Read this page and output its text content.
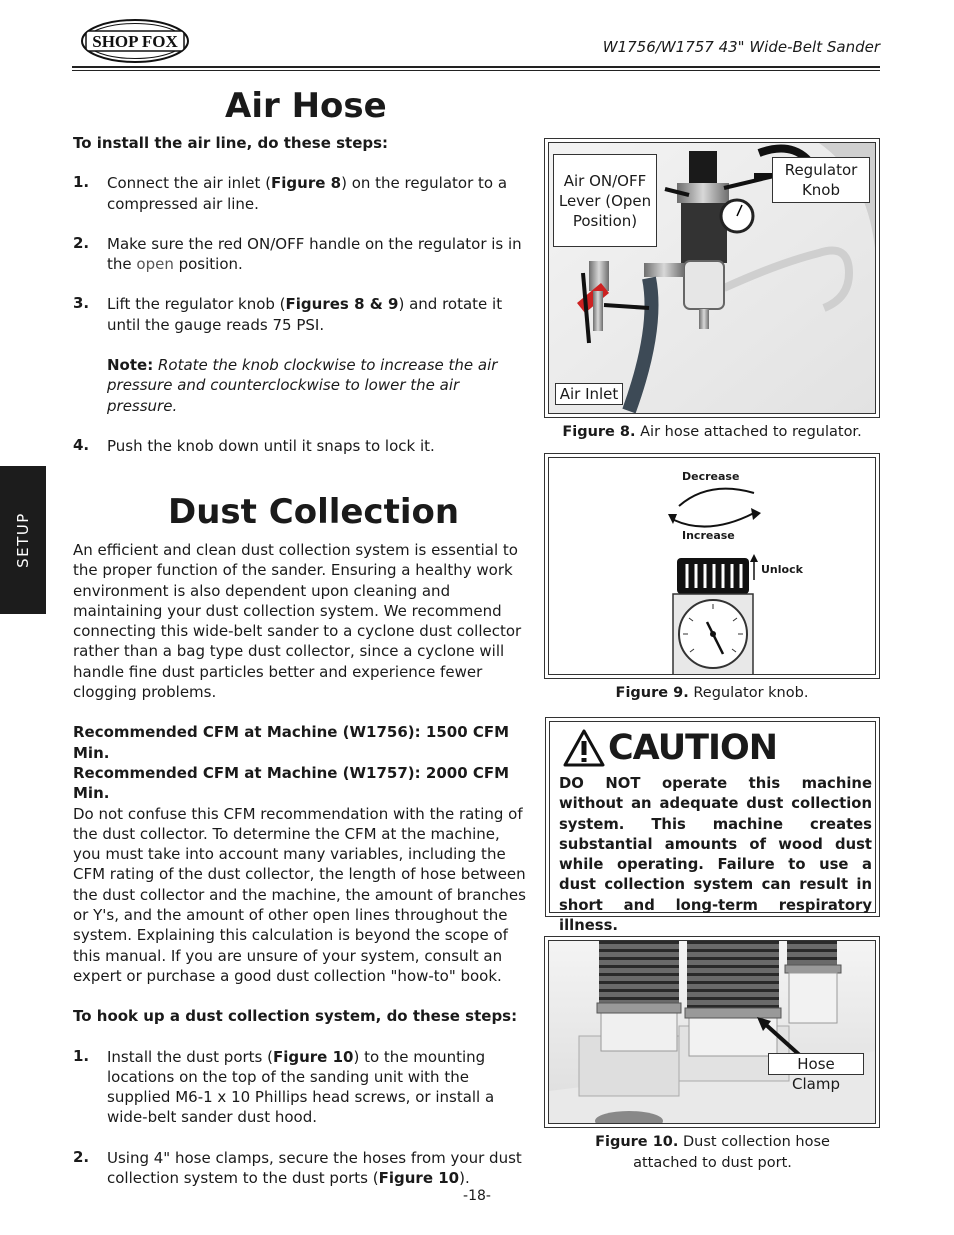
SHOP FOX	W1756/W1757 43" Wide-Belt Sander
SETUP
Air Hose

To install the air line, do these steps:

1.	Connect the air inlet (Figure 8) on the regulator to a compressed air line.

2.	Make sure the red ON/OFF handle on the regulator is in the open position.

3.	Lift the regulator knob (Figures 8 & 9) and rotate it until the gauge reads 75 PSI.

Note: Rotate the knob clockwise to increase the air pressure and counterclockwise to lower the air pressure.

4.	Push the knob down until it snaps to lock it.

Dust Collection

An efficient and clean dust collection system is essential to the proper function of the sander. Ensuring a healthy work environment is also dependent upon cleaning and maintaining your dust collection system. We recommend connecting this wide-belt sander to a cyclone dust collector rather than a bag type dust collector, since a cyclone will handle fine dust particles better and experience fewer clogging problems.

Recommended CFM at Machine (W1756): 1500 CFM Min.

Recommended CFM at Machine (W1757): 2000 CFM Min.

Do not confuse this CFM recommendation with the rating of the dust collector. To determine the CFM at the machine, you must take into account many variables, including the CFM rating of the dust collector, the length of hose between the dust collector and the machine, the amount of branches or Y's, and the amount of other open lines throughout the system. Explaining this calculation is beyond the scope of this manual. If you are unsure of your system, consult an expert or purchase a good dust collection "how-to" book.

To hook up a dust collection system, do these steps:

1.	Install the dust ports (Figure 10) to the mounting locations on the top of the sanding unit with the supplied M6-1 x 10 Phillips head screws, or install a wide-belt sander dust hood.

2.	Using 4" hose clamps, secure the hoses from your dust collection system to the dust ports (Figure 10).

Air ON/OFF Lever (Open Position)
Regulator Knob
Air Inlet
Figure 8. Air hose attached to regulator.
Decrease
Increase
Unlock
Figure 9. Regulator knob.
CAUTION

DO NOT operate this machine without an adequate dust collection system. This machine creates substantial amounts of wood dust while operating. Failure to use a dust collection system can result in short and long-term respiratory illness.

Hose Clamp
Figure 10. Dust collection hose attached to dust port.
-18-
